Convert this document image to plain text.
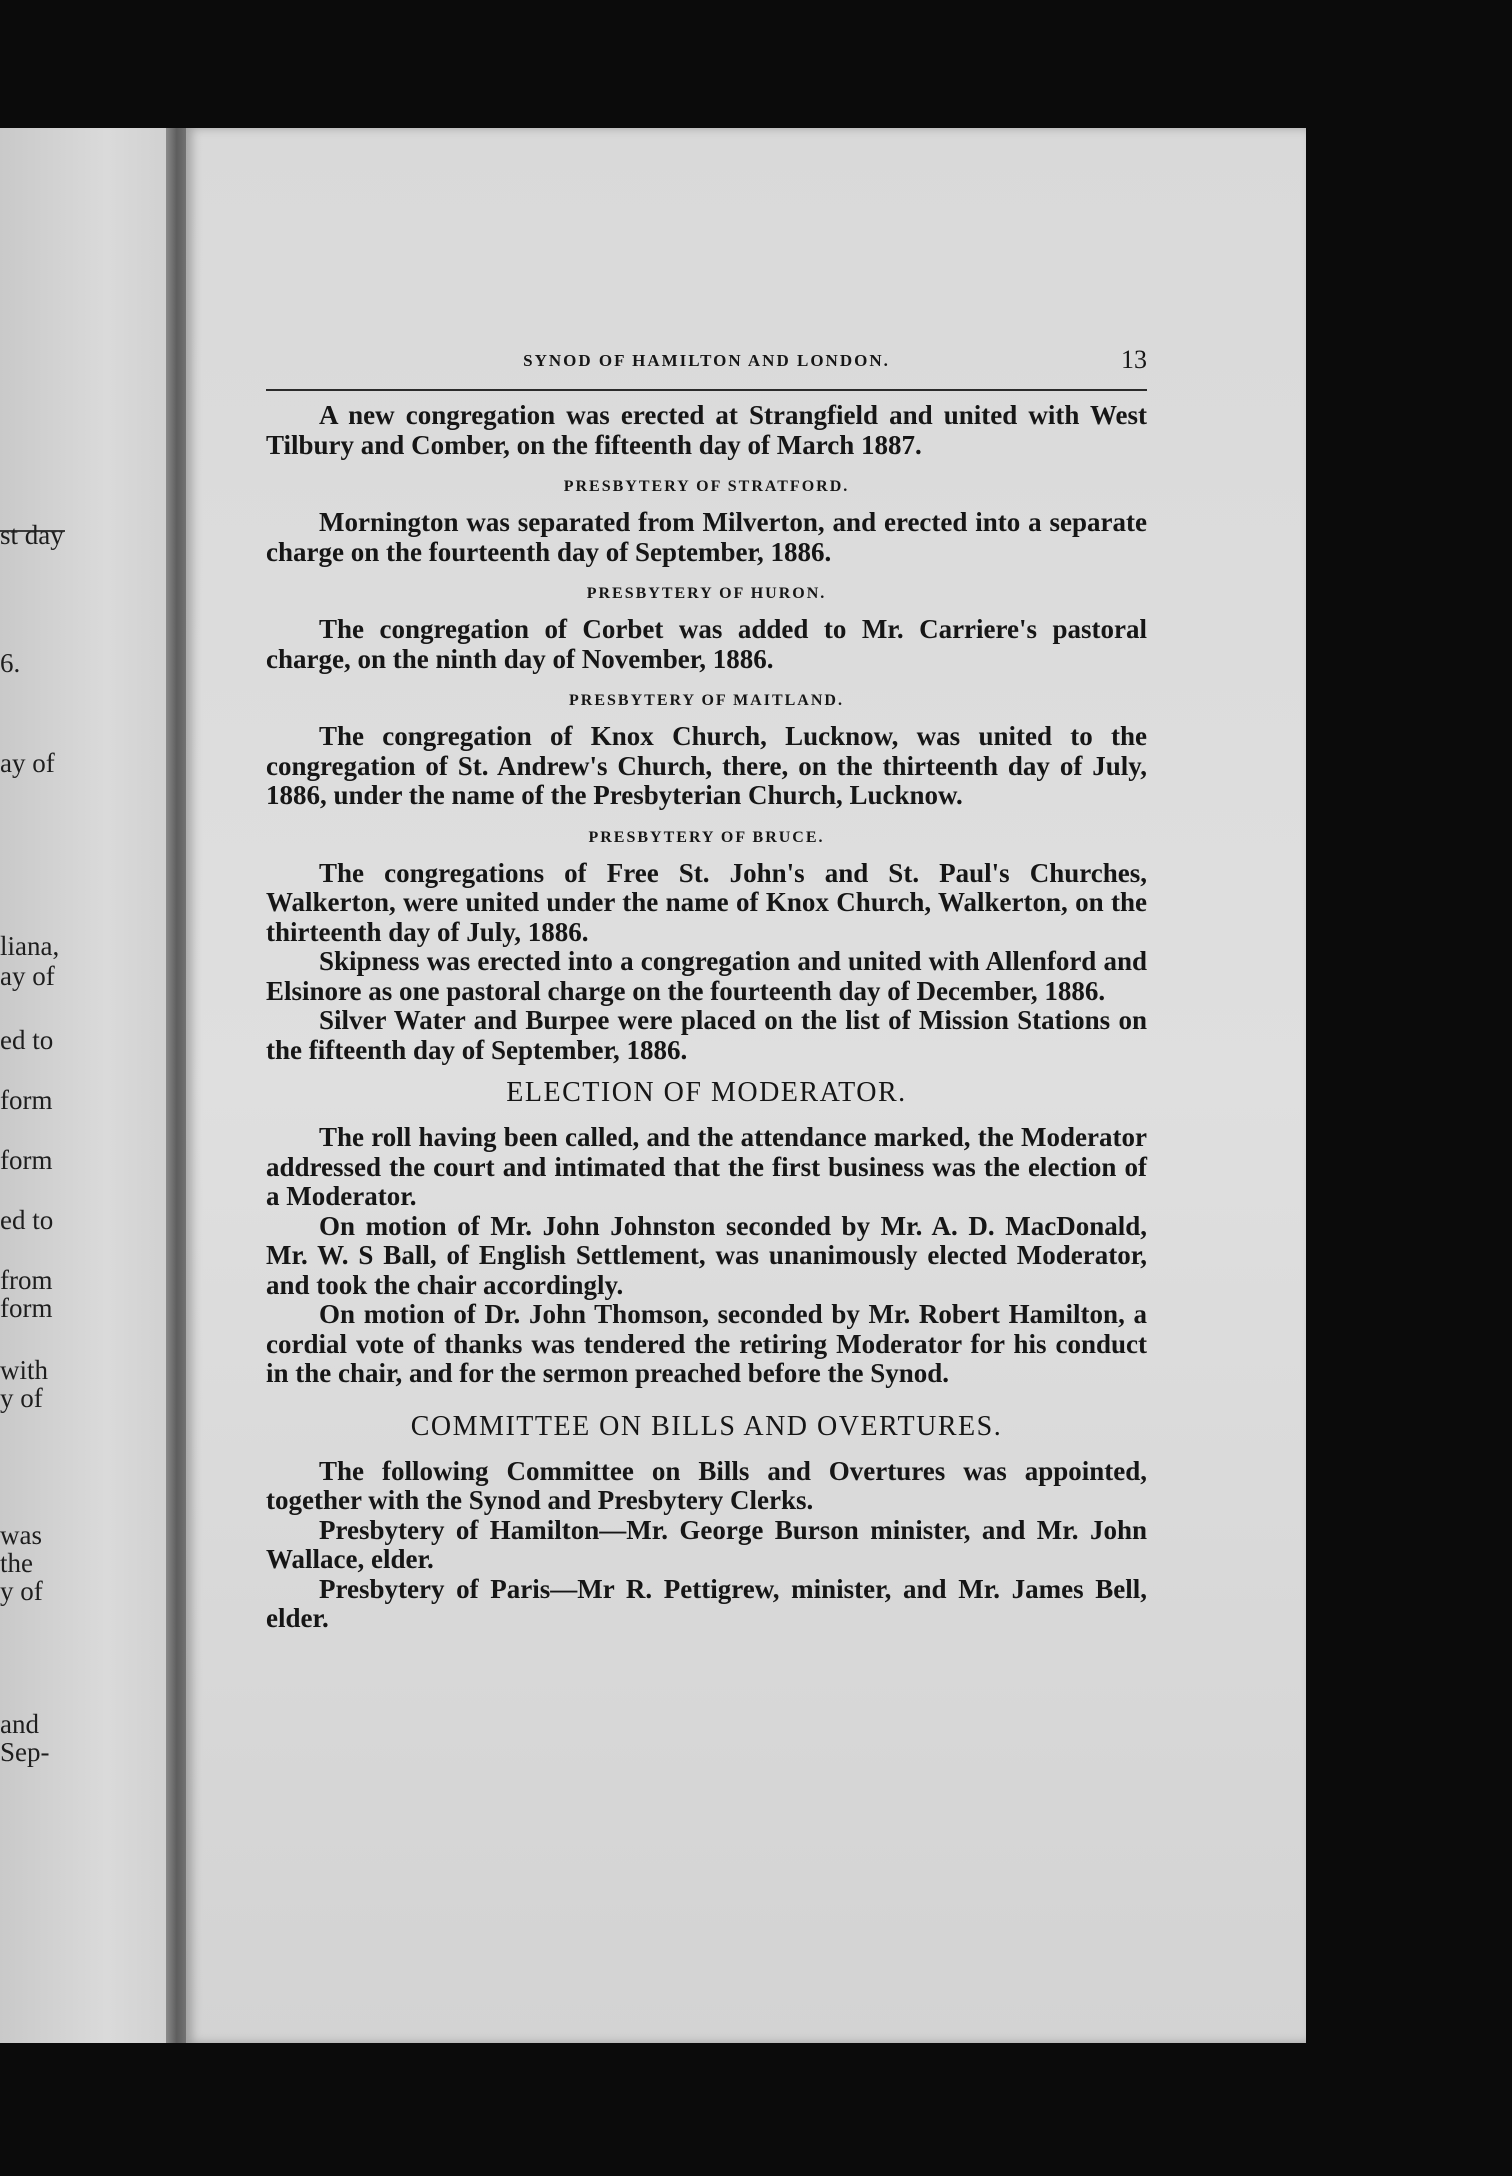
st day
6.
ay of
liana,
ay of
ed to
form
form
ed to
from
form
with
y of
was
the
y of
and
Sep-
SYNOD OF HAMILTON AND LONDON.	13

A new congregation was erected at Strangfield and united with West Tilbury and Comber, on the fifteenth day of March 1887.

PRESBYTERY OF STRATFORD.

Mornington was separated from Milverton, and erected into a separate charge on the fourteenth day of September, 1886.

PRESBYTERY OF HURON.

The congregation of Corbet was added to Mr. Carriere's pastoral charge, on the ninth day of November, 1886.

PRESBYTERY OF MAITLAND.

The congregation of Knox Church, Lucknow, was united to the congregation of St. Andrew's Church, there, on the thirteenth day of July, 1886, under the name of the Presbyterian Church, Lucknow.

PRESBYTERY OF BRUCE.

The congregations of Free St. John's and St. Paul's Churches, Walkerton, were united under the name of Knox Church, Walkerton, on the thirteenth day of July, 1886.

Skipness was erected into a congregation and united with Allenford and Elsinore as one pastoral charge on the fourteenth day of December, 1886.

Silver Water and Burpee were placed on the list of Mission Stations on the fifteenth day of September, 1886.

ELECTION OF MODERATOR.

The roll having been called, and the attendance marked, the Moderator addressed the court and intimated that the first business was the election of a Moderator.

On motion of Mr. John Johnston seconded by Mr. A. D. MacDonald, Mr. W. S Ball, of English Settlement, was unanimously elected Moderator, and took the chair accordingly.

On motion of Dr. John Thomson, seconded by Mr. Robert Hamilton, a cordial vote of thanks was tendered the retiring Moderator for his conduct in the chair, and for the sermon preached before the Synod.

COMMITTEE ON BILLS AND OVERTURES.

The following Committee on Bills and Overtures was appointed, together with the Synod and Presbytery Clerks.

Presbytery of Hamilton—Mr. George Burson minister, and Mr. John Wallace, elder.

Presbytery of Paris—Mr R. Pettigrew, minister, and Mr. James Bell, elder.
